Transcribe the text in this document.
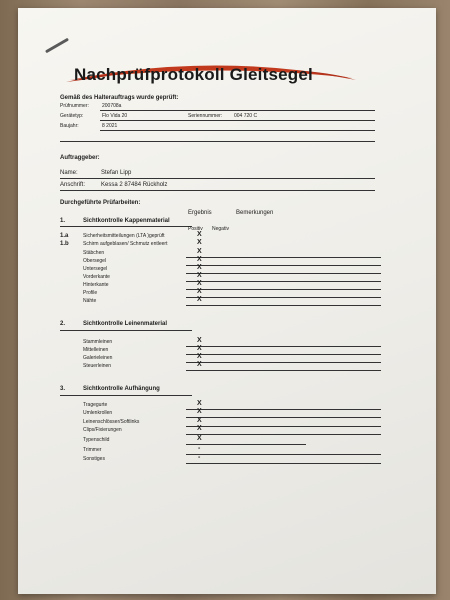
Nachprüfprotokoll Gleitsegel
Gemäß des Halterauftrags wurde geprüft:
Prüfnummer:	200708a
Gerätetyp:	Flo Vida 20	Seriennummer: 004 720 C
Baujahr:	8 2021
Auftraggeber:
Name:	Stefan Lipp
Anschrift:	Kessa 2 87484 Rückholz
Durchgeführte Prüfarbeiten:
Ergebnis	Bemerkungen
1.	Sichtkontrolle Kappenmaterial
Positiv Negativ
1.a	Sicherheitsmitteilungen (LTA )geprüft	X
1.b	Schirm aufgeblasen/ Schmutz entleert	X
Stäbchen	X
Obersegel	X
Untersegel	X
Vorderkante	X
Hinterkante	X
Profile	X
Nähte	X
2.	Sichtkontrolle Leinenmaterial
Stammleinen	X
Mittelleinen	X
Galerieleinen	X
Steuerleinen	X
3.	Sichtkontrolle Aufhängung
Tragegurte	X
Umlenkrollen	X
Leinenschlösser/Softlinks	X
Clips/Fixierungen	X
Typenschild	X
Trimmer	-
Sonstiges	-
